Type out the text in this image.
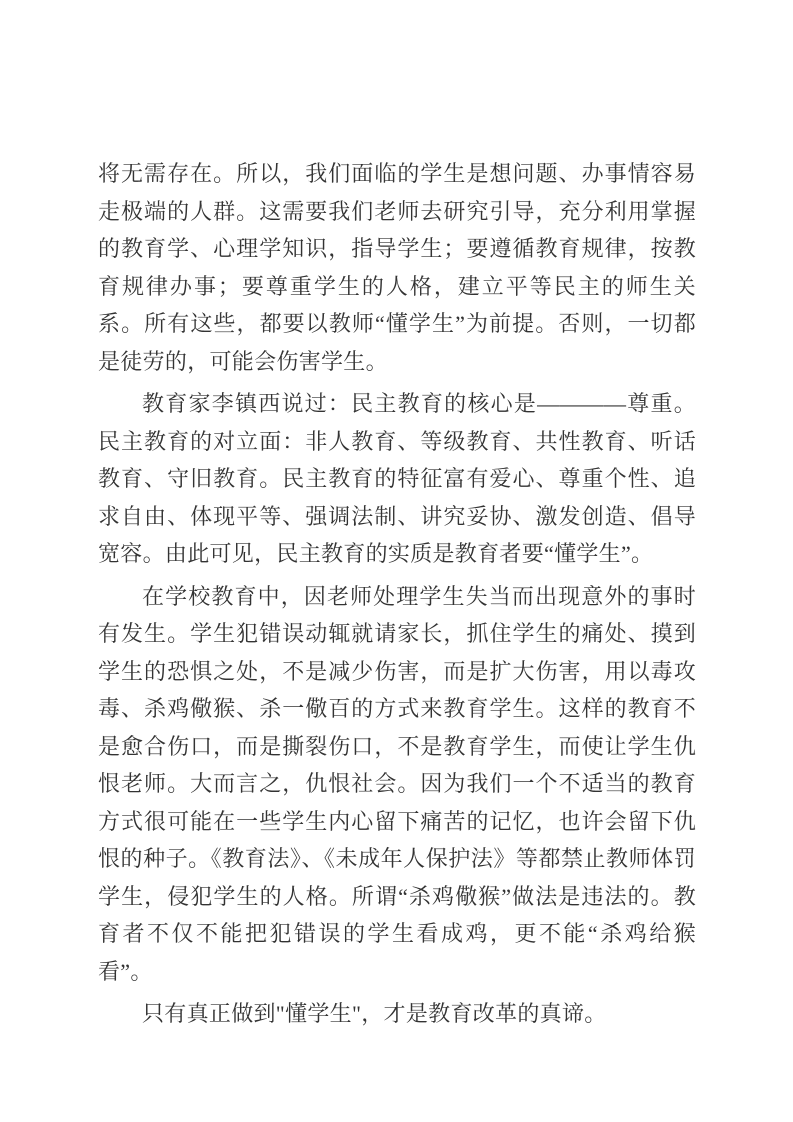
将无需存在。所以，我们面临的学生是想问题、办事情容易走极端的人群。这需要我们老师去研究引导，充分利用掌握的教育学、心理学知识，指导学生；要遵循教育规律，按教育规律办事；要尊重学生的人格，建立平等民主的师生关系。所有这些，都要以教师“懂学生”为前提。否则，一切都是徒劳的，可能会伤害学生。

教育家李镇西说过：民主教育的核心是————尊重。民主教育的对立面：非人教育、等级教育、共性教育、听话教育、守旧教育。民主教育的特征富有爱心、尊重个性、追求自由、体现平等、强调法制、讲究妥协、激发创造、倡导宽容。由此可见，民主教育的实质是教育者要“懂学生”。

在学校教育中，因老师处理学生失当而出现意外的事时有发生。学生犯错误动辄就请家长，抓住学生的痛处、摸到学生的恐惧之处，不是减少伤害，而是扩大伤害，用以毒攻毒、杀鸡儆猴、杀一儆百的方式来教育学生。这样的教育不是愈合伤口，而是撕裂伤口，不是教育学生，而使让学生仇恨老师。大而言之，仇恨社会。因为我们一个不适当的教育方式很可能在一些学生内心留下痛苦的记忆，也许会留下仇恨的种子。《教育法》、《未成年人保护法》等都禁止教师体罚学生，侵犯学生的人格。所谓“杀鸡儆猴”做法是违法的。教育者不仅不能把犯错误的学生看成鸡，更不能“杀鸡给猴看”。

只有真正做到"懂学生"，才是教育改革的真谛。
